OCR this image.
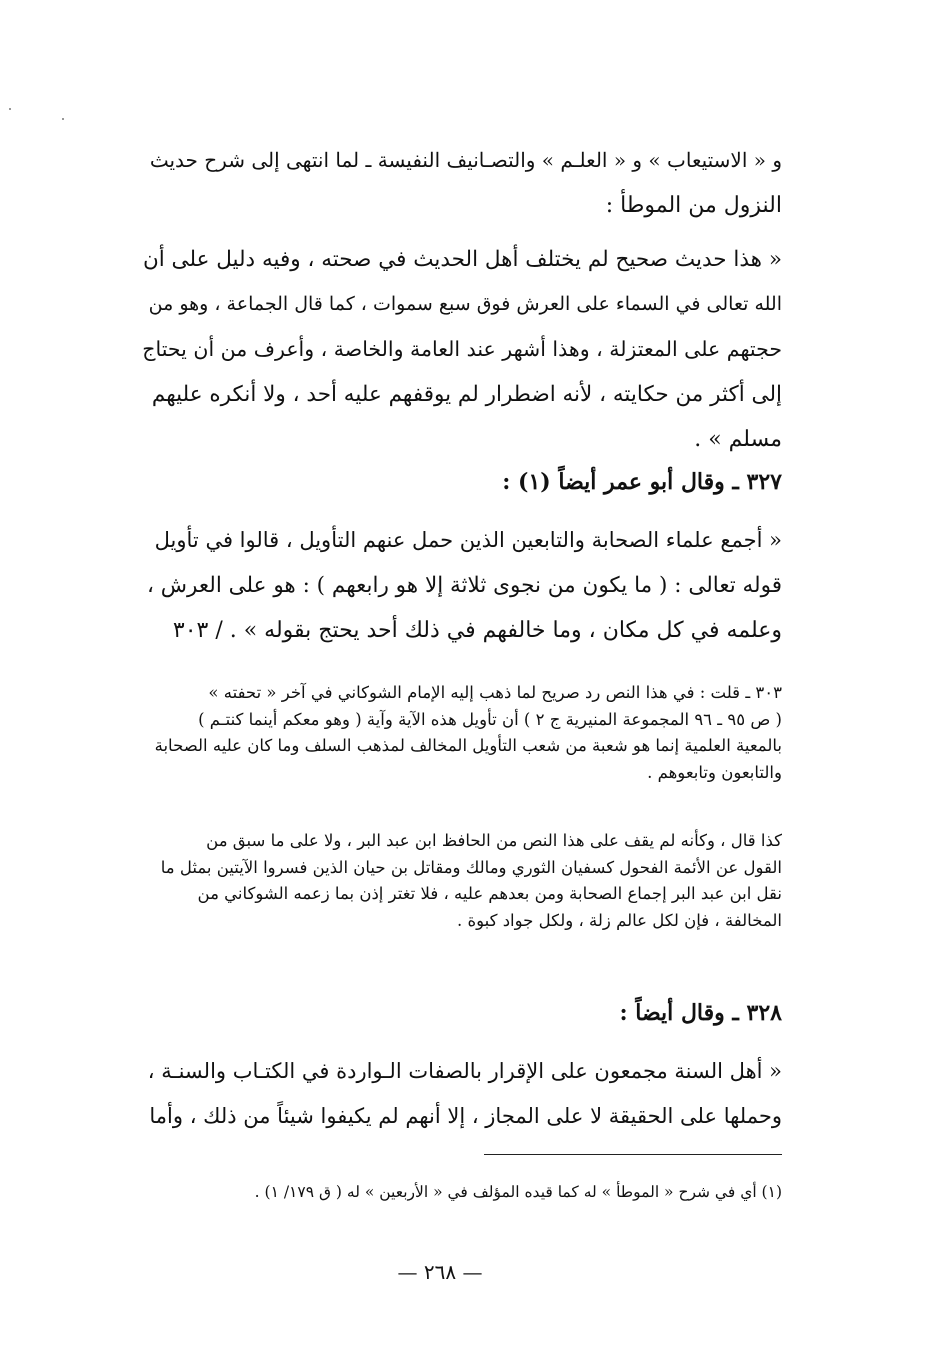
و « الاستيعاب » و « العلـم » والتصـانيف النفيسة ـ لما انتهى إلى شرح حديث
النزول من الموطأ :
« هذا حديث صحيح لم يختلف أهل الحديث في صحته ، وفيه دليل على أن
الله تعالى في السماء على العرش فوق سبع سموات ، كما قال الجماعة ، وهو من
حجتهم على المعتزلة ، وهذا أشهر عند العامة والخاصة ، وأعرف من أن يحتاج
إلى أكثر من حكايته ، لأنه اضطرار لم يوقفهم عليه أحد ، ولا أنكره عليهم
مسلم » .
٣٢٧ ـ وقال أبو عمر أيضاً (١) :
« أجمع علماء الصحابة والتابعين الذين حمل عنهم التأويل ، قالوا في تأويل
قوله تعالى : ( ما يكون من نجوى ثلاثة إلا هو رابعهم ) : هو على العرش ،
وعلمه في كل مكان ، وما خالفهم في ذلك أحد يحتج بقوله » . / ٣٠٣
٣٠٣ ـ قلت : في هذا النص رد صريح لما ذهب إليه الإمام الشوكاني في آخر « تحفته »
( ص ٩٥ ـ ٩٦ المجموعة المنيرية ج ٢ ) أن تأويل هذه الآية وآية ( وهو معكم أينما كنتـم )
بالمعية العلمية إنما هو شعبة من شعب التأويل المخالف لمذهب السلف وما كان عليه الصحابة
والتابعون وتابعوهم .
كذا قال ، وكأنه لم يقف على هذا النص من الحافظ ابن عبد البر ، ولا على ما سبق من
القول عن الأئمة الفحول كسفيان الثوري ومالك ومقاتل بن حيان الذين فسروا الآيتين بمثل ما
نقل ابن عبد البر إجماع الصحابة ومن بعدهم عليه ، فلا تغتر إذن بما زعمه الشوكاني من
المخالفة ، فإن لكل عالم زلة ، ولكل جواد كبوة .
٣٢٨ ـ وقال أيضاً :
« أهل السنة مجمعون على الإقرار بالصفات الـواردة في الكتـاب والسنـة ،
وحملها على الحقيقة لا على المجاز ، إلا أنهم لم يكيفوا شيئاً من ذلك ، وأما
(١) أي في شرح « الموطأ » له كما قيده المؤلف في « الأربعين » له ( ق ١٧٩/ ١) .
— ٢٦٨ —
